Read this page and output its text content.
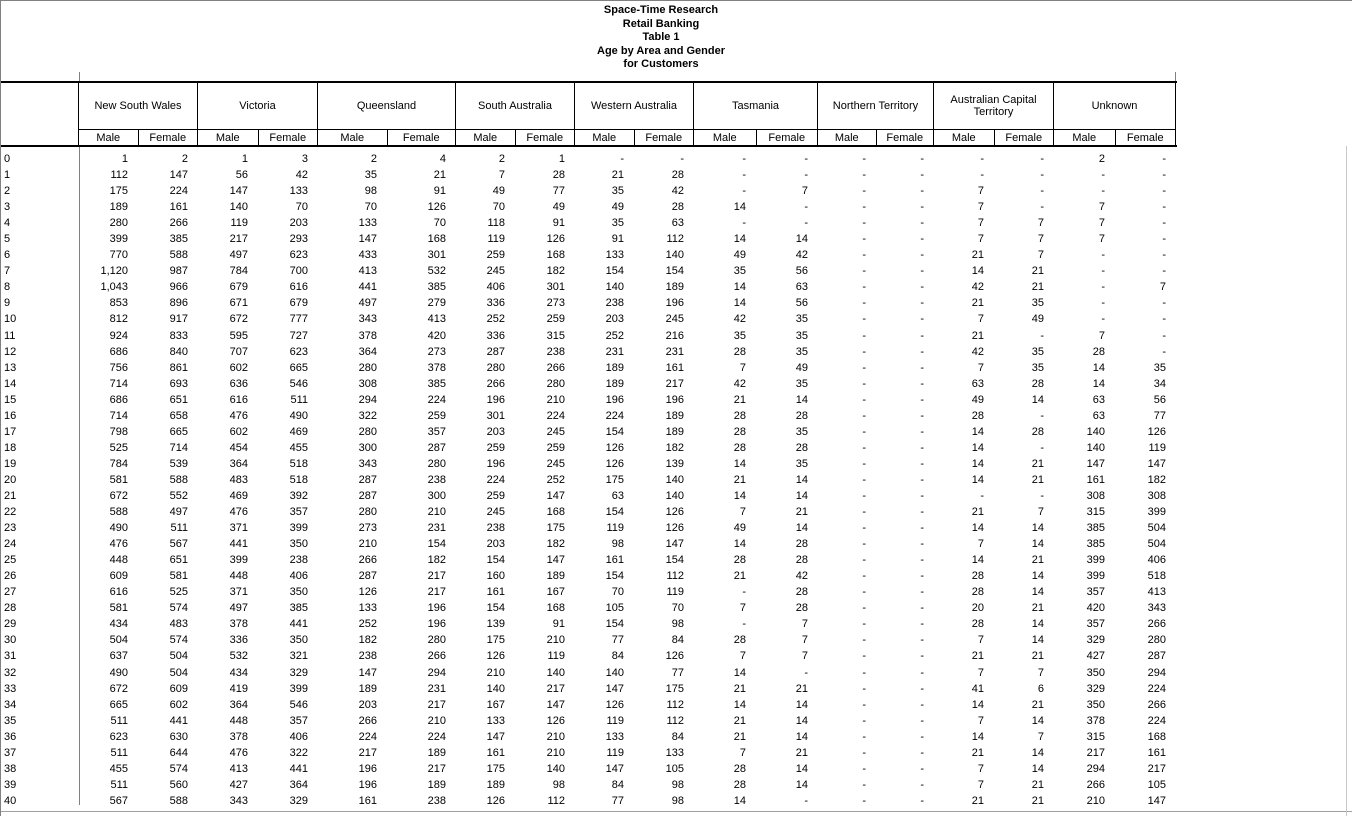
Space-Time Research
Retail Banking
Table 1
Age by Area and Gender
for Customers
New South Wales
Male	Female
Victoria
Male	Female
Queensland
Male	Female
South Australia
Male	Female
Western Australia
Male	Female
Tasmania
Male	Female
Northern Territory
Male	Female
Australian Capital Territory
Male	Female
Unknown
Male	Female
0	1	2	1	3	2	4	2	1	-	-	-	-	-	-	-	-	2	-
1	112	147	56	42	35	21	7	28	21	28	-	-	-	-	-	-	-	-
2	175	224	147	133	98	91	49	77	35	42	-	7	-	-	7	-	-	-
3	189	161	140	70	70	126	70	49	49	28	14	-	-	-	7	-	7	-
4	280	266	119	203	133	70	118	91	35	63	-	-	-	-	7	7	7	-
5	399	385	217	293	147	168	119	126	91	112	14	14	-	-	7	7	7	-
6	770	588	497	623	433	301	259	168	133	140	49	42	-	-	21	7	-	-
7	1,120	987	784	700	413	532	245	182	154	154	35	56	-	-	14	21	-	-
8	1,043	966	679	616	441	385	406	301	140	189	14	63	-	-	42	21	-	7
9	853	896	671	679	497	279	336	273	238	196	14	56	-	-	21	35	-	-
10	812	917	672	777	343	413	252	259	203	245	42	35	-	-	7	49	-	-
11	924	833	595	727	378	420	336	315	252	216	35	35	-	-	21	-	7	-
12	686	840	707	623	364	273	287	238	231	231	28	35	-	-	42	35	28	-
13	756	861	602	665	280	378	280	266	189	161	7	49	-	-	7	35	14	35
14	714	693	636	546	308	385	266	280	189	217	42	35	-	-	63	28	14	34
15	686	651	616	511	294	224	196	210	196	196	21	14	-	-	49	14	63	56
16	714	658	476	490	322	259	301	224	224	189	28	28	-	-	28	-	63	77
17	798	665	602	469	280	357	203	245	154	189	28	35	-	-	14	28	140	126
18	525	714	454	455	300	287	259	259	126	182	28	28	-	-	14	-	140	119
19	784	539	364	518	343	280	196	245	126	139	14	35	-	-	14	21	147	147
20	581	588	483	518	287	238	224	252	175	140	21	14	-	-	14	21	161	182
21	672	552	469	392	287	300	259	147	63	140	14	14	-	-	-	-	308	308
22	588	497	476	357	280	210	245	168	154	126	7	21	-	-	21	7	315	399
23	490	511	371	399	273	231	238	175	119	126	49	14	-	-	14	14	385	504
24	476	567	441	350	210	154	203	182	98	147	14	28	-	-	7	14	385	504
25	448	651	399	238	266	182	154	147	161	154	28	28	-	-	14	21	399	406
26	609	581	448	406	287	217	160	189	154	112	21	42	-	-	28	14	399	518
27	616	525	371	350	126	217	161	167	70	119	-	28	-	-	28	14	357	413
28	581	574	497	385	133	196	154	168	105	70	7	28	-	-	20	21	420	343
29	434	483	378	441	252	196	139	91	154	98	-	7	-	-	28	14	357	266
30	504	574	336	350	182	280	175	210	77	84	28	7	-	-	7	14	329	280
31	637	504	532	321	238	266	126	119	84	126	7	7	-	-	21	21	427	287
32	490	504	434	329	147	294	210	140	140	77	14	-	-	-	7	7	350	294
33	672	609	419	399	189	231	140	217	147	175	21	21	-	-	41	6	329	224
34	665	602	364	546	203	217	167	147	126	112	14	14	-	-	14	21	350	266
35	511	441	448	357	266	210	133	126	119	112	21	14	-	-	7	14	378	224
36	623	630	378	406	224	224	147	210	133	84	21	14	-	-	14	7	315	168
37	511	644	476	322	217	189	161	210	119	133	7	21	-	-	21	14	217	161
38	455	574	413	441	196	217	175	140	147	105	28	14	-	-	7	14	294	217
39	511	560	427	364	196	189	189	98	84	98	28	14	-	-	7	21	266	105
40	567	588	343	329	161	238	126	112	77	98	14	-	-	-	21	21	210	147
